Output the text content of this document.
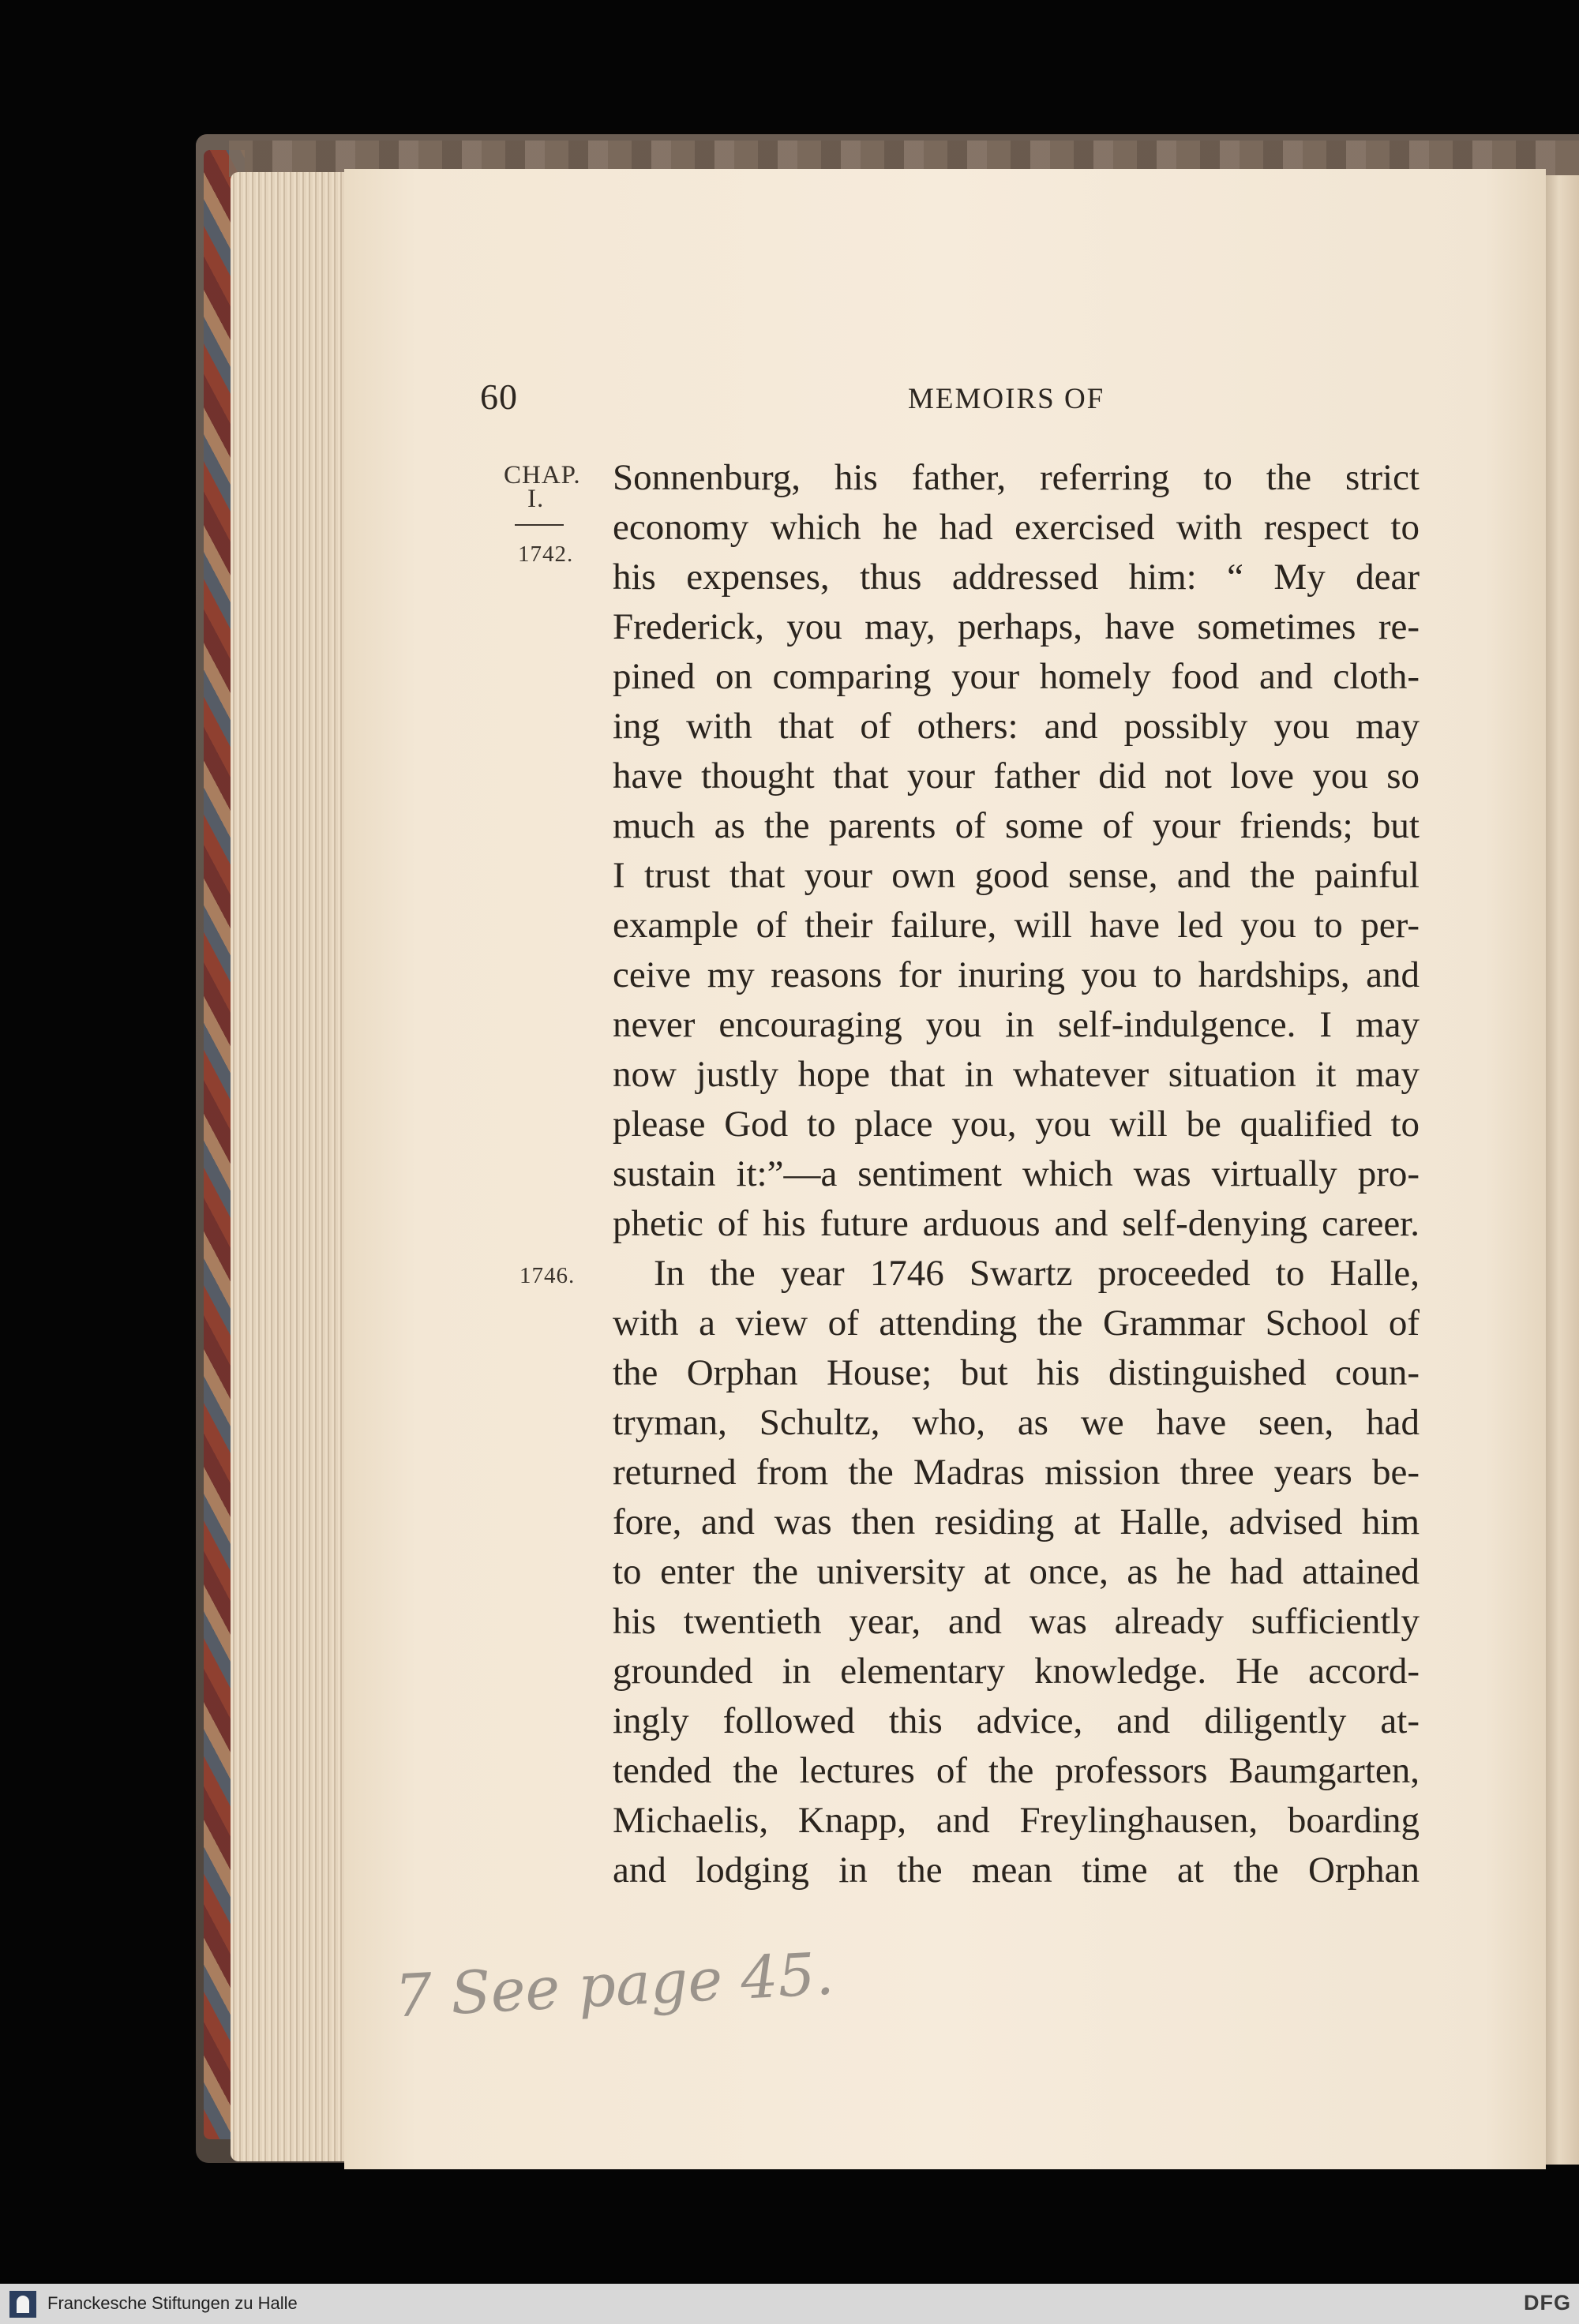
60	MEMOIRS OF
CHAP.
I.
1742.
1746.
Sonnenburg, his father, referring to the strict
economy which he had exercised with respect to
his expenses, thus addressed him: “ My dear
Frederick, you may, perhaps, have sometimes re-
pined on comparing your homely food and cloth-
ing with that of others: and possibly you may
have thought that your father did not love you so
much as the parents of some of your friends; but
I trust that your own good sense, and the painful
example of their failure, will have led you to per-
ceive my reasons for inuring you to hardships, and
never encouraging you in self-indulgence. I may
now justly hope that in whatever situation it may
please God to place you, you will be qualified to
sustain it:”—a sentiment which was virtually pro-
phetic of his future arduous and self-denying career.
In the year 1746 Swartz proceeded to Halle,
with a view of attending the Grammar School of
the Orphan House; but his distinguished coun-
tryman, Schultz, who, as we have seen, had
returned from the Madras mission three years be-
fore, and was then residing at Halle, advised him
to enter the university at once, as he had attained
his twentieth year, and was already sufficiently
grounded in elementary knowledge. He accord-
ingly followed this advice, and diligently at-
tended the lectures of the professors Baumgarten,
Michaelis, Knapp, and Freylinghausen, boarding
and lodging in the mean time at the Orphan
7 See page 45.
Franckesche Stiftungen zu Halle	DFG
